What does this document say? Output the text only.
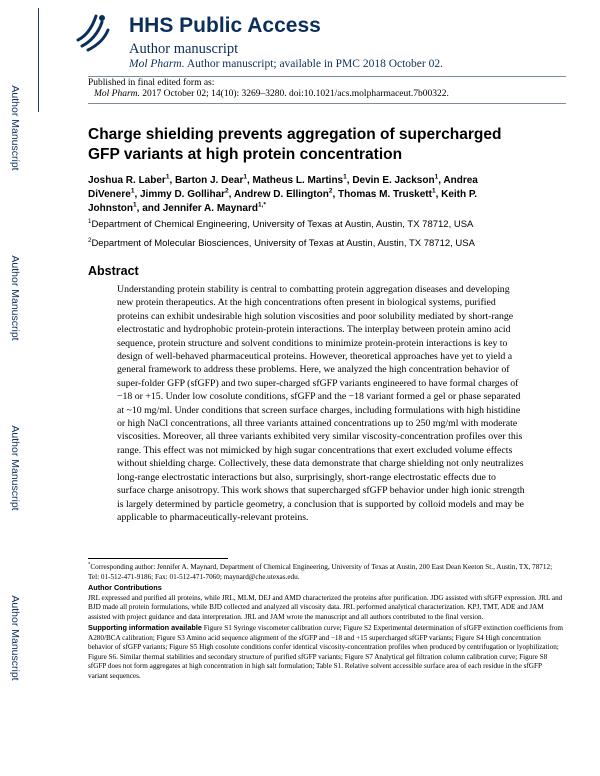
Author Manuscript
Author Manuscript
Author Manuscript
Author Manuscript
HHS Public Access
Author manuscript
Mol Pharm. Author manuscript; available in PMC 2018 October 02.
Published in final edited form as:
Mol Pharm. 2017 October 02; 14(10): 3269–3280. doi:10.1021/acs.molpharmaceut.7b00322.
Charge shielding prevents aggregation of supercharged GFP variants at high protein concentration
Joshua R. Laber$^1$, Barton J. Dear$^1$, Matheus L. Martins$^1$, Devin E. Jackson$^1$, Andrea DiVenere$^1$, Jimmy D. Gollihar$^2$, Andrew D. Ellington$^2$, Thomas M. Truskett$^1$, Keith P. Johnston$^1$, and Jennifer A. Maynard$^{1,*}$
$^1$Department of Chemical Engineering, University of Texas at Austin, Austin, TX 78712, USA
$^2$Department of Molecular Biosciences, University of Texas at Austin, Austin, TX 78712, USA
Abstract
Understanding protein stability is central to combatting protein aggregation diseases and developing new protein therapeutics. At the high concentrations often present in biological systems, purified proteins can exhibit undesirable high solution viscosities and poor solubility mediated by short-range electrostatic and hydrophobic protein-protein interactions. The interplay between protein amino acid sequence, protein structure and solvent conditions to minimize protein-protein interactions is key to design of well-behaved pharmaceutical proteins. However, theoretical approaches have yet to yield a general framework to address these problems. Here, we analyzed the high concentration behavior of super-folder GFP (sfGFP) and two super-charged sfGFP variants engineered to have formal charges of −18 or +15. Under low cosolute conditions, sfGFP and the −18 variant formed a gel or phase separated at ~10 mg/ml. Under conditions that screen surface charges, including formulations with high histidine or high NaCl concentrations, all three variants attained concentrations up to 250 mg/ml with moderate viscosities. Moreover, all three variants exhibited very similar viscosity-concentration profiles over this range. This effect was not mimicked by high sugar concentrations that exert excluded volume effects without shielding charge. Collectively, these data demonstrate that charge shielding not only neutralizes long-range electrostatic interactions but also, surprisingly, short-range electrostatic effects due to surface charge anisotropy. This work shows that supercharged sfGFP behavior under high ionic strength is largely determined by particle geometry, a conclusion that is supported by colloid models and may be applicable to pharmaceutically-relevant proteins.

*Corresponding author: Jennifer A. Maynard, Department of Chemical Engineering, University of Texas at Austin, 200 East Dean Keeton St., Austin, TX, 78712; Tel: 01-512-471-9186; Fax: 01-512-471-7060; maynard@che.utexas.edu.

Author Contributions

JRL expressed and purified all proteins, while JRL, MLM, DEJ and AMD characterized the proteins after purification. JDG assisted with sfGFP expression. JRL and BJD made all protein formulations, while BJD collected and analyzed all viscosity data. JRL performed analytical characterization. KPJ, TMT, ADE and JAM assisted with project guidance and data interpretation. JRL and JAM wrote the manuscript and all authors contributed to the final version.

Supporting information available Figure S1 Syringe viscometer calibration curve; Figure S2 Experimental determination of sfGFP extinction coefficients from A280/BCA calibration; Figure S3 Amino acid sequence alignment of the sfGFP and −18 and +15 supercharged sfGFP variants; Figure S4 High concentration behavior of sfGFP variants; Figure S5 High cosolute conditions confer identical viscosity-concentration profiles when produced by centrifugation or lyophilization; Figure S6. Similar thermal stabilities and secondary structure of purified sfGFP variants; Figure S7 Analytical gel filtration column calibration curve; Figure S8 sfGFP does not form aggregates at high concentration in high salt formulation; Table S1. Relative solvent accessible surface area of each residue in the sfGFP variant sequences.
